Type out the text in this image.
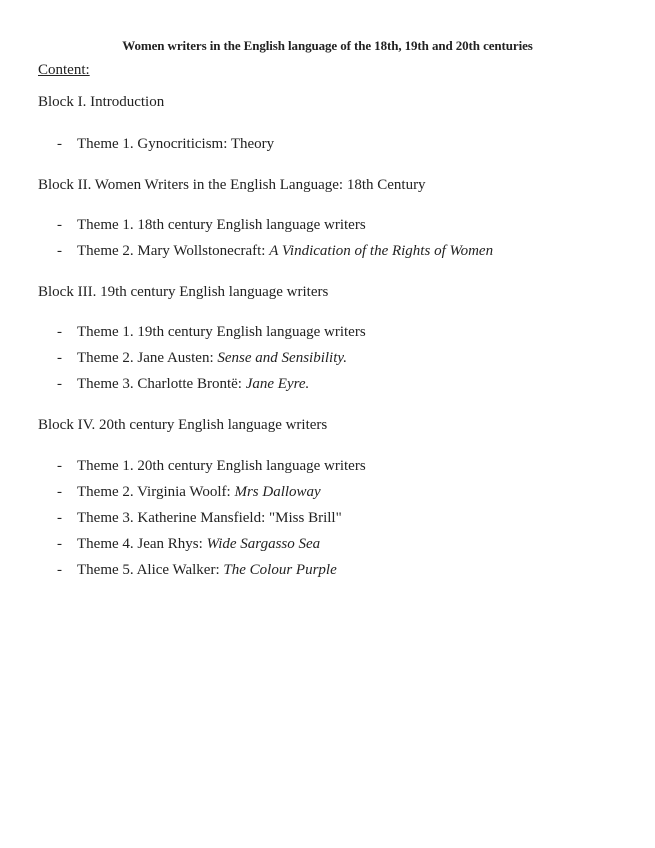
Women writers in the English language of the 18th, 19th and 20th centuries
Content:
Block I. Introduction
- Theme 1. Gynocriticism: Theory
Block II. Women Writers in the English Language: 18th Century
- Theme 1. 18th century English language writers
- Theme 2. Mary Wollstonecraft: A Vindication of the Rights of Women
Block III. 19th century English language writers
- Theme 1. 19th century English language writers
- Theme 2. Jane Austen: Sense and Sensibility.
- Theme 3. Charlotte Brontë: Jane Eyre.
Block IV. 20th century English language writers
- Theme 1. 20th century English language writers
- Theme 2. Virginia Woolf: Mrs Dalloway
- Theme 3. Katherine Mansfield: "Miss Brill"
- Theme 4. Jean Rhys: Wide Sargasso Sea
- Theme 5. Alice Walker: The Colour Purple
